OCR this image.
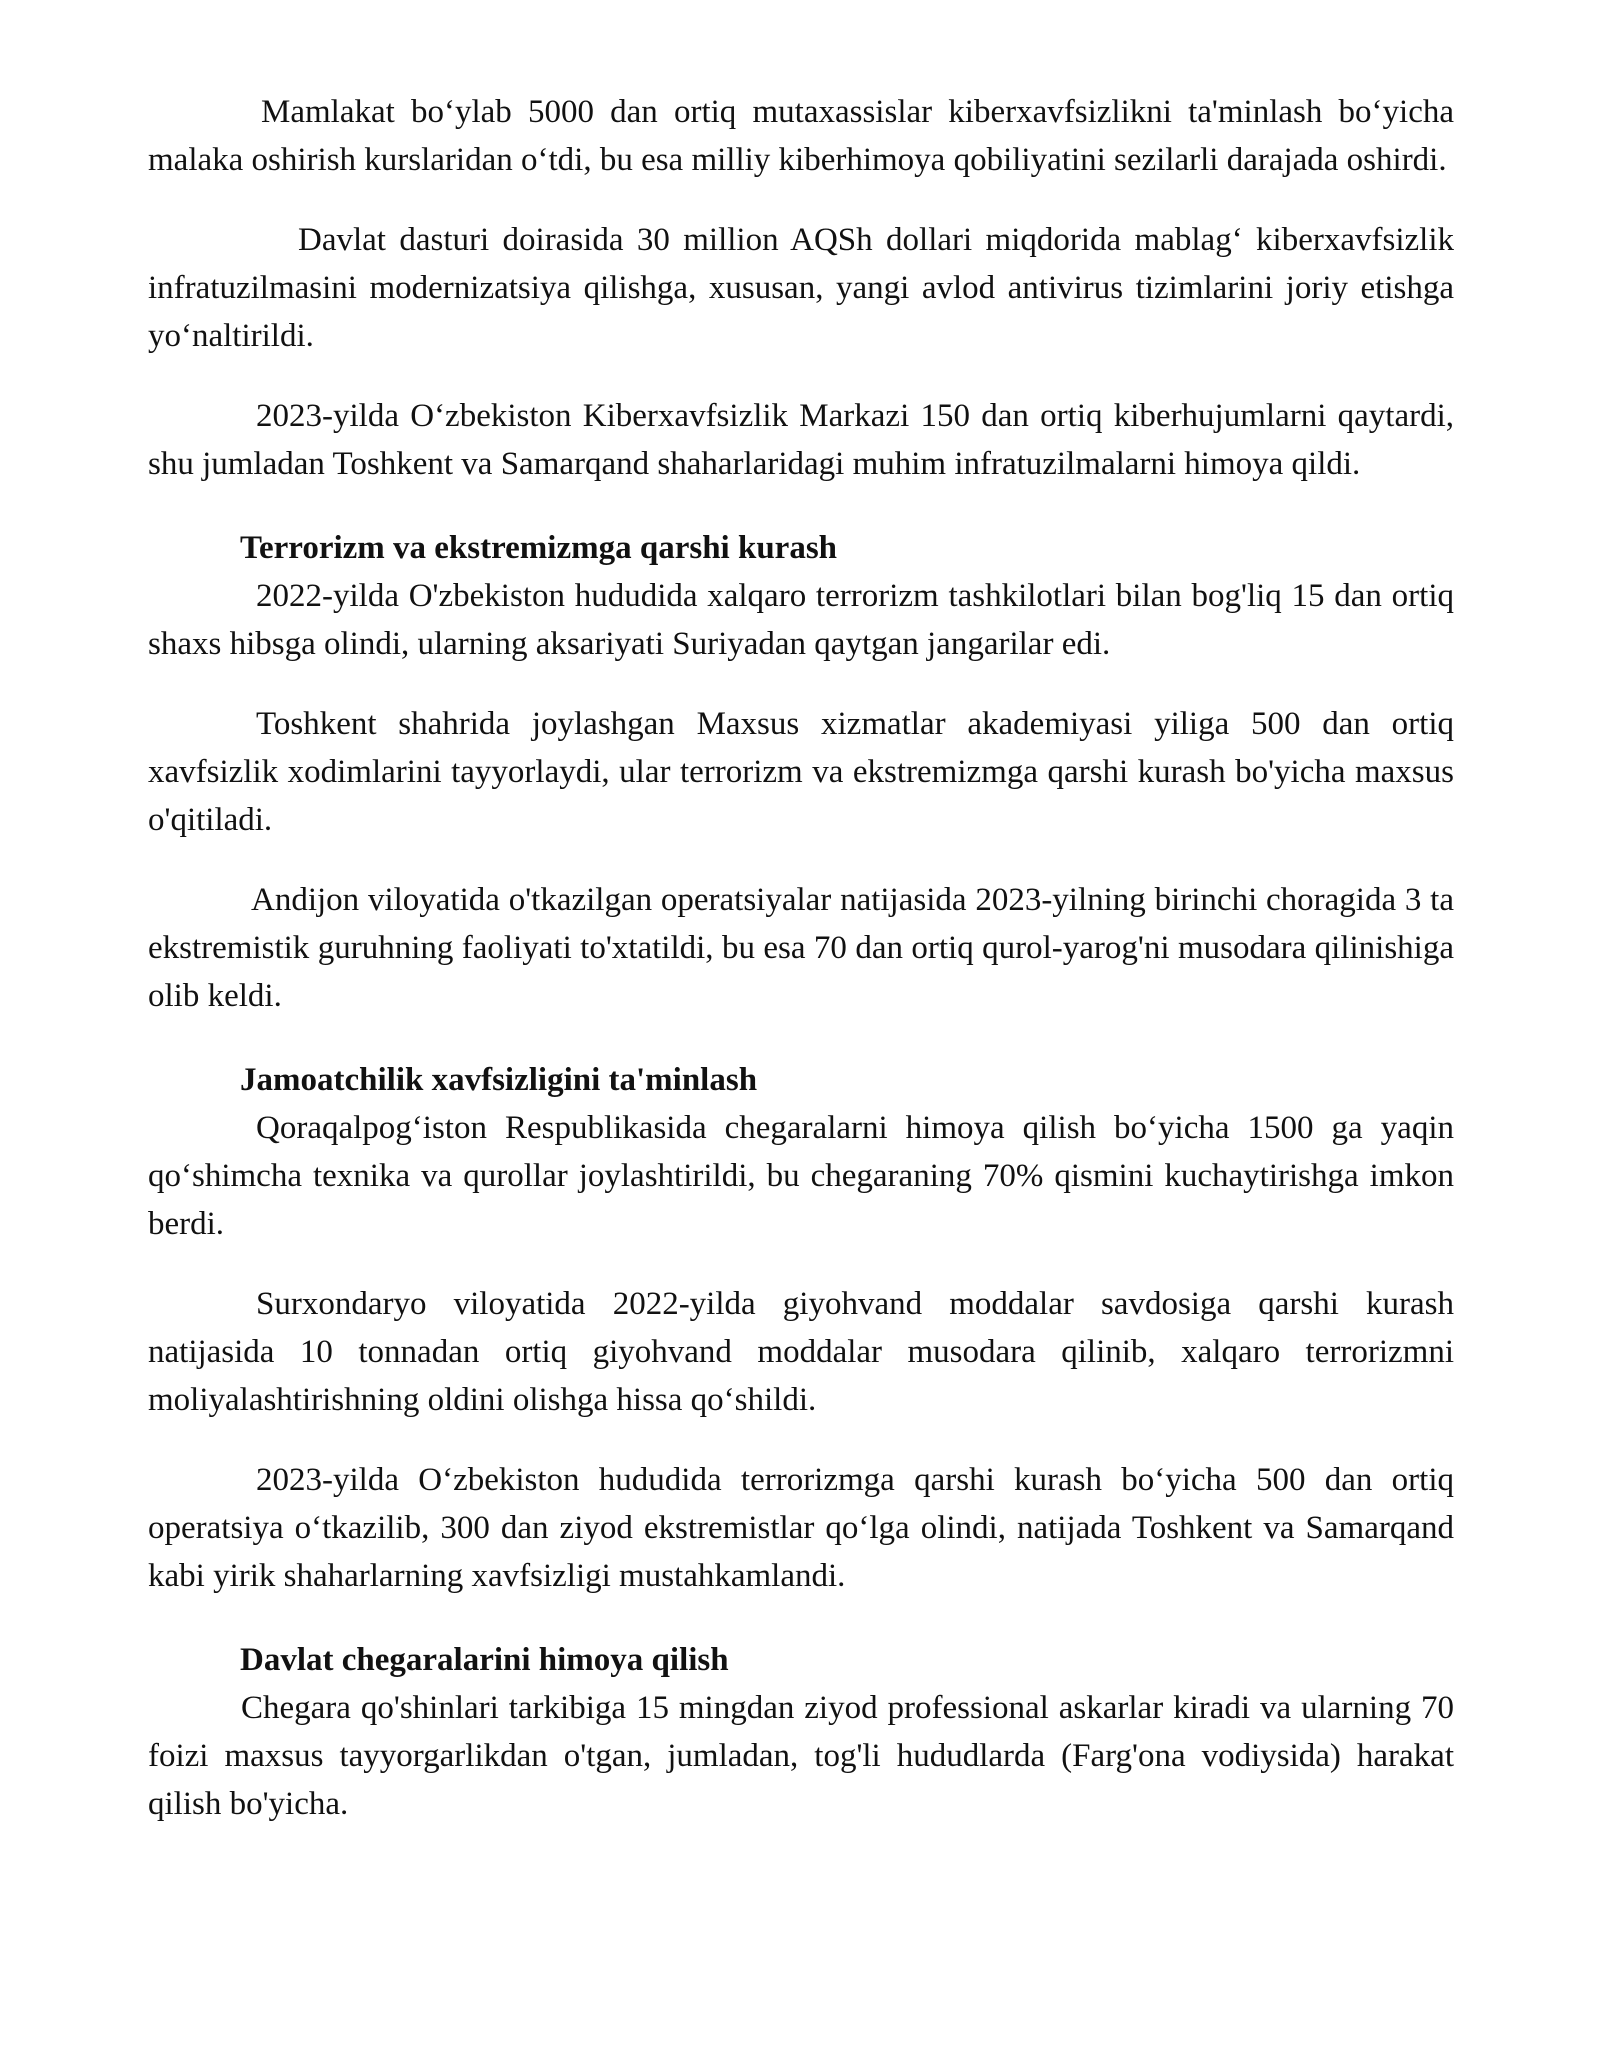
Mamlakat bo‘ylab 5000 dan ortiq mutaxassislar kiberxavfsizlikni ta'minlash bo‘yicha malaka oshirish kurslaridan o‘tdi, bu esa milliy kiberhimoya qobiliyatini sezilarli darajada oshirdi.

Davlat dasturi doirasida 30 million AQSh dollari miqdorida mablag‘ kiberxavfsizlik infratuzilmasini modernizatsiya qilishga, xususan, yangi avlod antivirus tizimlarini joriy etishga yo‘naltirildi.

2023-yilda O‘zbekiston Kiberxavfsizlik Markazi 150 dan ortiq kiberhujumlarni qaytardi, shu jumladan Toshkent va Samarqand shaharlaridagi muhim infratuzilmalarni himoya qildi.

Terrorizm va ekstremizmga qarshi kurash

2022-yilda O'zbekiston hududida xalqaro terrorizm tashkilotlari bilan bog'liq 15 dan ortiq shaxs hibsga olindi, ularning aksariyati Suriyadan qaytgan jangarilar edi.

Toshkent shahrida joylashgan Maxsus xizmatlar akademiyasi yiliga 500 dan ortiq xavfsizlik xodimlarini tayyorlaydi, ular terrorizm va ekstremizmga qarshi kurash bo'yicha maxsus o'qitiladi.

Andijon viloyatida o'tkazilgan operatsiyalar natijasida 2023-yilning birinchi choragida 3 ta ekstremistik guruhning faoliyati to'xtatildi, bu esa 70 dan ortiq qurol-yarog'ni musodara qilinishiga olib keldi.

Jamoatchilik xavfsizligini ta'minlash

Qoraqalpog‘iston Respublikasida chegaralarni himoya qilish bo‘yicha 1500 ga yaqin qo‘shimcha texnika va qurollar joylashtirildi, bu chegaraning 70% qismini kuchaytirishga imkon berdi.

Surxondaryo viloyatida 2022-yilda giyohvand moddalar savdosiga qarshi kurash natijasida 10 tonnadan ortiq giyohvand moddalar musodara qilinib, xalqaro terrorizmni moliyalashtirishning oldini olishga hissa qo‘shildi.

2023-yilda O‘zbekiston hududida terrorizmga qarshi kurash bo‘yicha 500 dan ortiq operatsiya o‘tkazilib, 300 dan ziyod ekstremistlar qo‘lga olindi, natijada Toshkent va Samarqand kabi yirik shaharlarning xavfsizligi mustahkamlandi.

Davlat chegaralarini himoya qilish

Chegara qo'shinlari tarkibiga 15 mingdan ziyod professional askarlar kiradi va ularning 70 foizi maxsus tayyorgarlikdan o'tgan, jumladan, tog'li hududlarda (Farg'ona vodiysida) harakat qilish bo'yicha.
